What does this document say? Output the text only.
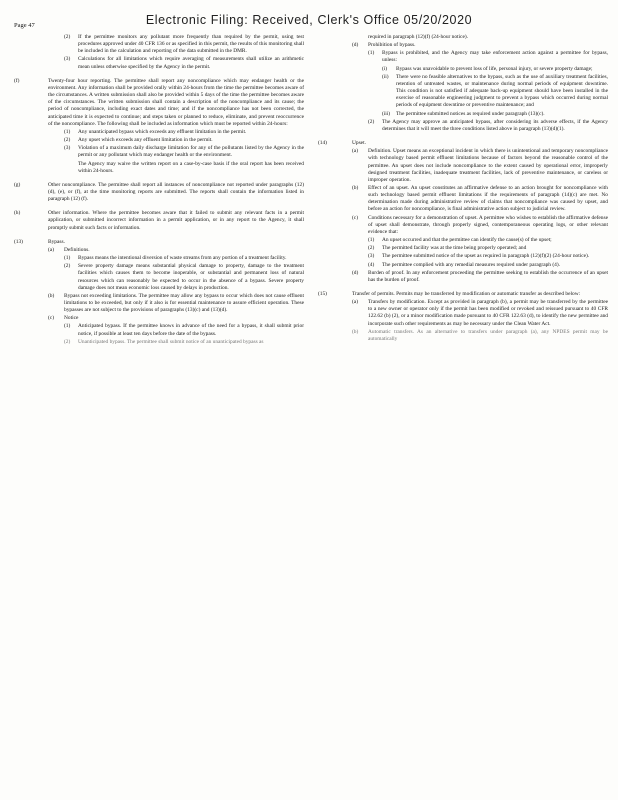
Page 47	Electronic Filing: Received, Clerk's Office 05/20/2020
(2) If the permittee monitors any pollutant more frequently than required by the permit, using test procedures approved under 40 CFR 136 or as specified in this permit, the results of this monitoring shall be included in the calculation and reporting of the data submitted in the DMR.
(3) Calculations for all limitations which require averaging of measurements shall utilize an arithmetic mean unless otherwise specified by the Agency in the permit.
(f)	Twenty-four hour reporting. The permittee shall report any noncompliance which may endanger health or the environment. Any information shall be provided orally within 24-hours from the time the permittee becomes aware of the circumstances. A written submission shall also be provided within 5 days of the time the permittee becomes aware of the circumstances. The written submission shall contain a description of the noncompliance and its cause; the period of noncompliance, including exact dates and time; and if the noncompliance has not been corrected, the anticipated time it is expected to continue; and steps taken or planned to reduce, eliminate, and prevent reoccurrence of the noncompliance. The following shall be included as information which must be reported within 24-hours:
(1) Any unanticipated bypass which exceeds any effluent limitation in the permit.
(2) Any upset which exceeds any effluent limitation in the permit.
(3) Violation of a maximum daily discharge limitation for any of the pollutants listed by the Agency in the permit or any pollutant which may endanger health or the environment.
The Agency may waive the written report on a case-by-case basis if the oral report has been received within 24-hours.
(g)	Other noncompliance. The permittee shall report all instances of noncompliance not reported under paragraphs (12) (d), (e), or (f), at the time monitoring reports are submitted. The reports shall contain the information listed in paragraph (12) (f).
(h)	Other information. Where the permittee becomes aware that it failed to submit any relevant facts in a permit application, or submitted incorrect information in a permit application, or in any report to the Agency, it shall promptly submit such facts or information.
(13)	Bypass.
(a) Definitions.
(1) Bypass means the intentional diversion of waste streams from any portion of a treatment facility.
(2) Severe property damage means substantial physical damage to property, damage to the treatment facilities which causes them to become inoperable, or substantial and permanent loss of natural resources which can reasonably be expected to occur in the absence of a bypass. Severe property damage does not mean economic loss caused by delays in production.
(b) Bypass not exceeding limitations. The permittee may allow any bypass to occur which does not cause effluent limitations to be exceeded, but only if it also is for essential maintenance to assure efficient operation. These bypasses are not subject to the provisions of paragraphs (13)(c) and (13)(d).
(c) Notice
(1) Anticipated bypass. If the permittee knows in advance of the need for a bypass, it shall submit prior notice, if possible at least ten days before the date of the bypass.
(2) Unanticipated bypass. The permittee shall submit notice of an unanticipated bypass as
required in paragraph (12)(f) (24-hour notice).
(d) Prohibition of bypass.
(1) Bypass is prohibited, and the Agency may take enforcement action against a permittee for bypass, unless:
(i) Bypass was unavoidable to prevent loss of life, personal injury, or severe property damage;
(ii) There were no feasible alternatives to the bypass, such as the use of auxiliary treatment facilities, retention of untreated wastes, or maintenance during normal periods of equipment downtime. This condition is not satisfied if adequate back-up equipment should have been installed in the exercise of reasonable engineering judgment to prevent a bypass which occurred during normal periods of equipment downtime or preventive maintenance; and
(iii) The permittee submitted notices as required under paragraph (13)(c).
(2) The Agency may approve an anticipated bypass, after considering its adverse effects, if the Agency determines that it will meet the three conditions listed above in paragraph (13)(d)(1).
(14)	Upset.
(a) Definition. Upset means an exceptional incident in which there is unintentional and temporary noncompliance with technology based permit effluent limitations because of factors beyond the reasonable control of the permittee. An upset does not include noncompliance to the extent caused by operational error, improperly designed treatment facilities, inadequate treatment facilities, lack of preventive maintenance, or careless or improper operation.
(b) Effect of an upset. An upset constitutes an affirmative defense to an action brought for noncompliance with such technology based permit effluent limitations if the requirements of paragraph (14)(c) are met. No determination made during administrative review of claims that noncompliance was caused by upset, and before an action for noncompliance, is final administrative action subject to judicial review.
(c) Conditions necessary for a demonstration of upset. A permittee who wishes to establish the affirmative defense of upset shall demonstrate, through properly signed, contemporaneous operating logs, or other relevant evidence that:
(1) An upset occurred and that the permittee can identify the cause(s) of the upset;
(2) The permitted facility was at the time being properly operated; and
(3) The permittee submitted notice of the upset as required in paragraph (12)(f)(2) (24-hour notice).
(4) The permittee complied with any remedial measures required under paragraph (4).
(d) Burden of proof. In any enforcement proceeding the permittee seeking to establish the occurrence of an upset has the burden of proof.
(15)	Transfer of permits. Permits may be transferred by modification or automatic transfer as described below:
(a) Transfers by modification. Except as provided in paragraph (b), a permit may be transferred by the permittee to a new owner or operator only if the permit has been modified or revoked and reissued pursuant to 40 CFR 122.62 (b) (2), or a minor modification made pursuant to 40 CFR 122.63 (d), to identify the new permittee and incorporate such other requirements as may be necessary under the Clean Water Act.
(b) Automatic transfers. As an alternative to transfers under paragraph (a), any NPDES permit may be automatically
